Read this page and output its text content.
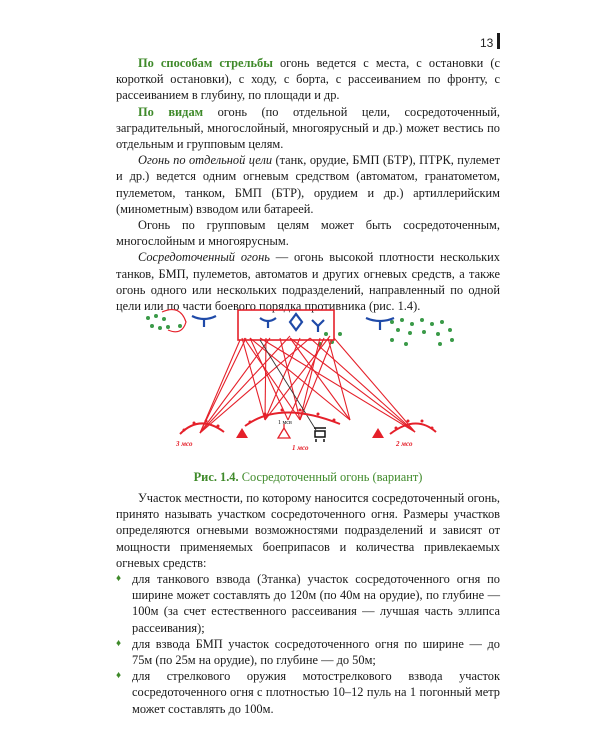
13

По способам стрельбы огонь ведется с места, с остановки (с короткой остановки), с ходу, с борта, с рассеиванием по фронту, с рассеиванием в глубину, по площади и др.

По видам огонь (по отдельной цели, сосредоточенный, заградительный, многослойный, многоярусный и др.) может вестись по отдельным и групповым целям.

Огонь по отдельной цели (танк, орудие, БМП (БТР), ПТРК, пулемет и др.) ведется одним огневым средством (автоматом, гранатометом, пулеметом, танком, БМП (БТР), орудием и др.) артиллерийским (минометным) взводом или батареей.

Огонь по групповым целям может быть сосредоточенным, многослойным и многоярусным.

Сосредоточенный огонь — огонь высокой плотности нескольких танков, БМП, пулеметов, автоматов и других огневых средств, а также огонь одного или нескольких подразделений, направленный по одной цели или по части боевого порядка противника (рис. 1.4).

3 мсо
1 мсв
1 мсо	2 мсо
Рис. 1.4. Сосредоточенный огонь (вариант)

Участок местности, по которому наносится сосредоточенный огонь, принято называть участком сосредоточенного огня. Размеры участков определяются огневыми возможностями подразделений и зависят от мощности применяемых боеприпасов и количества привлекаемых огневых средств:

♦ для танкового взвода (3танка) участок сосредоточенного огня по ширине может составлять до 120м (по 40м на орудие), по глубине — 100м (за счет естественного рассеивания — лучшая часть эллипса рассеивания);
♦ для взвода БМП участок сосредоточенного огня по ширине — до 75м (по 25м на орудие), по глубине — до 50м;
♦ для стрелкового оружия мотострелкового взвода участок сосредоточенного огня с плотностью 10–12 пуль на 1 погонный метр может составлять до 100м.
